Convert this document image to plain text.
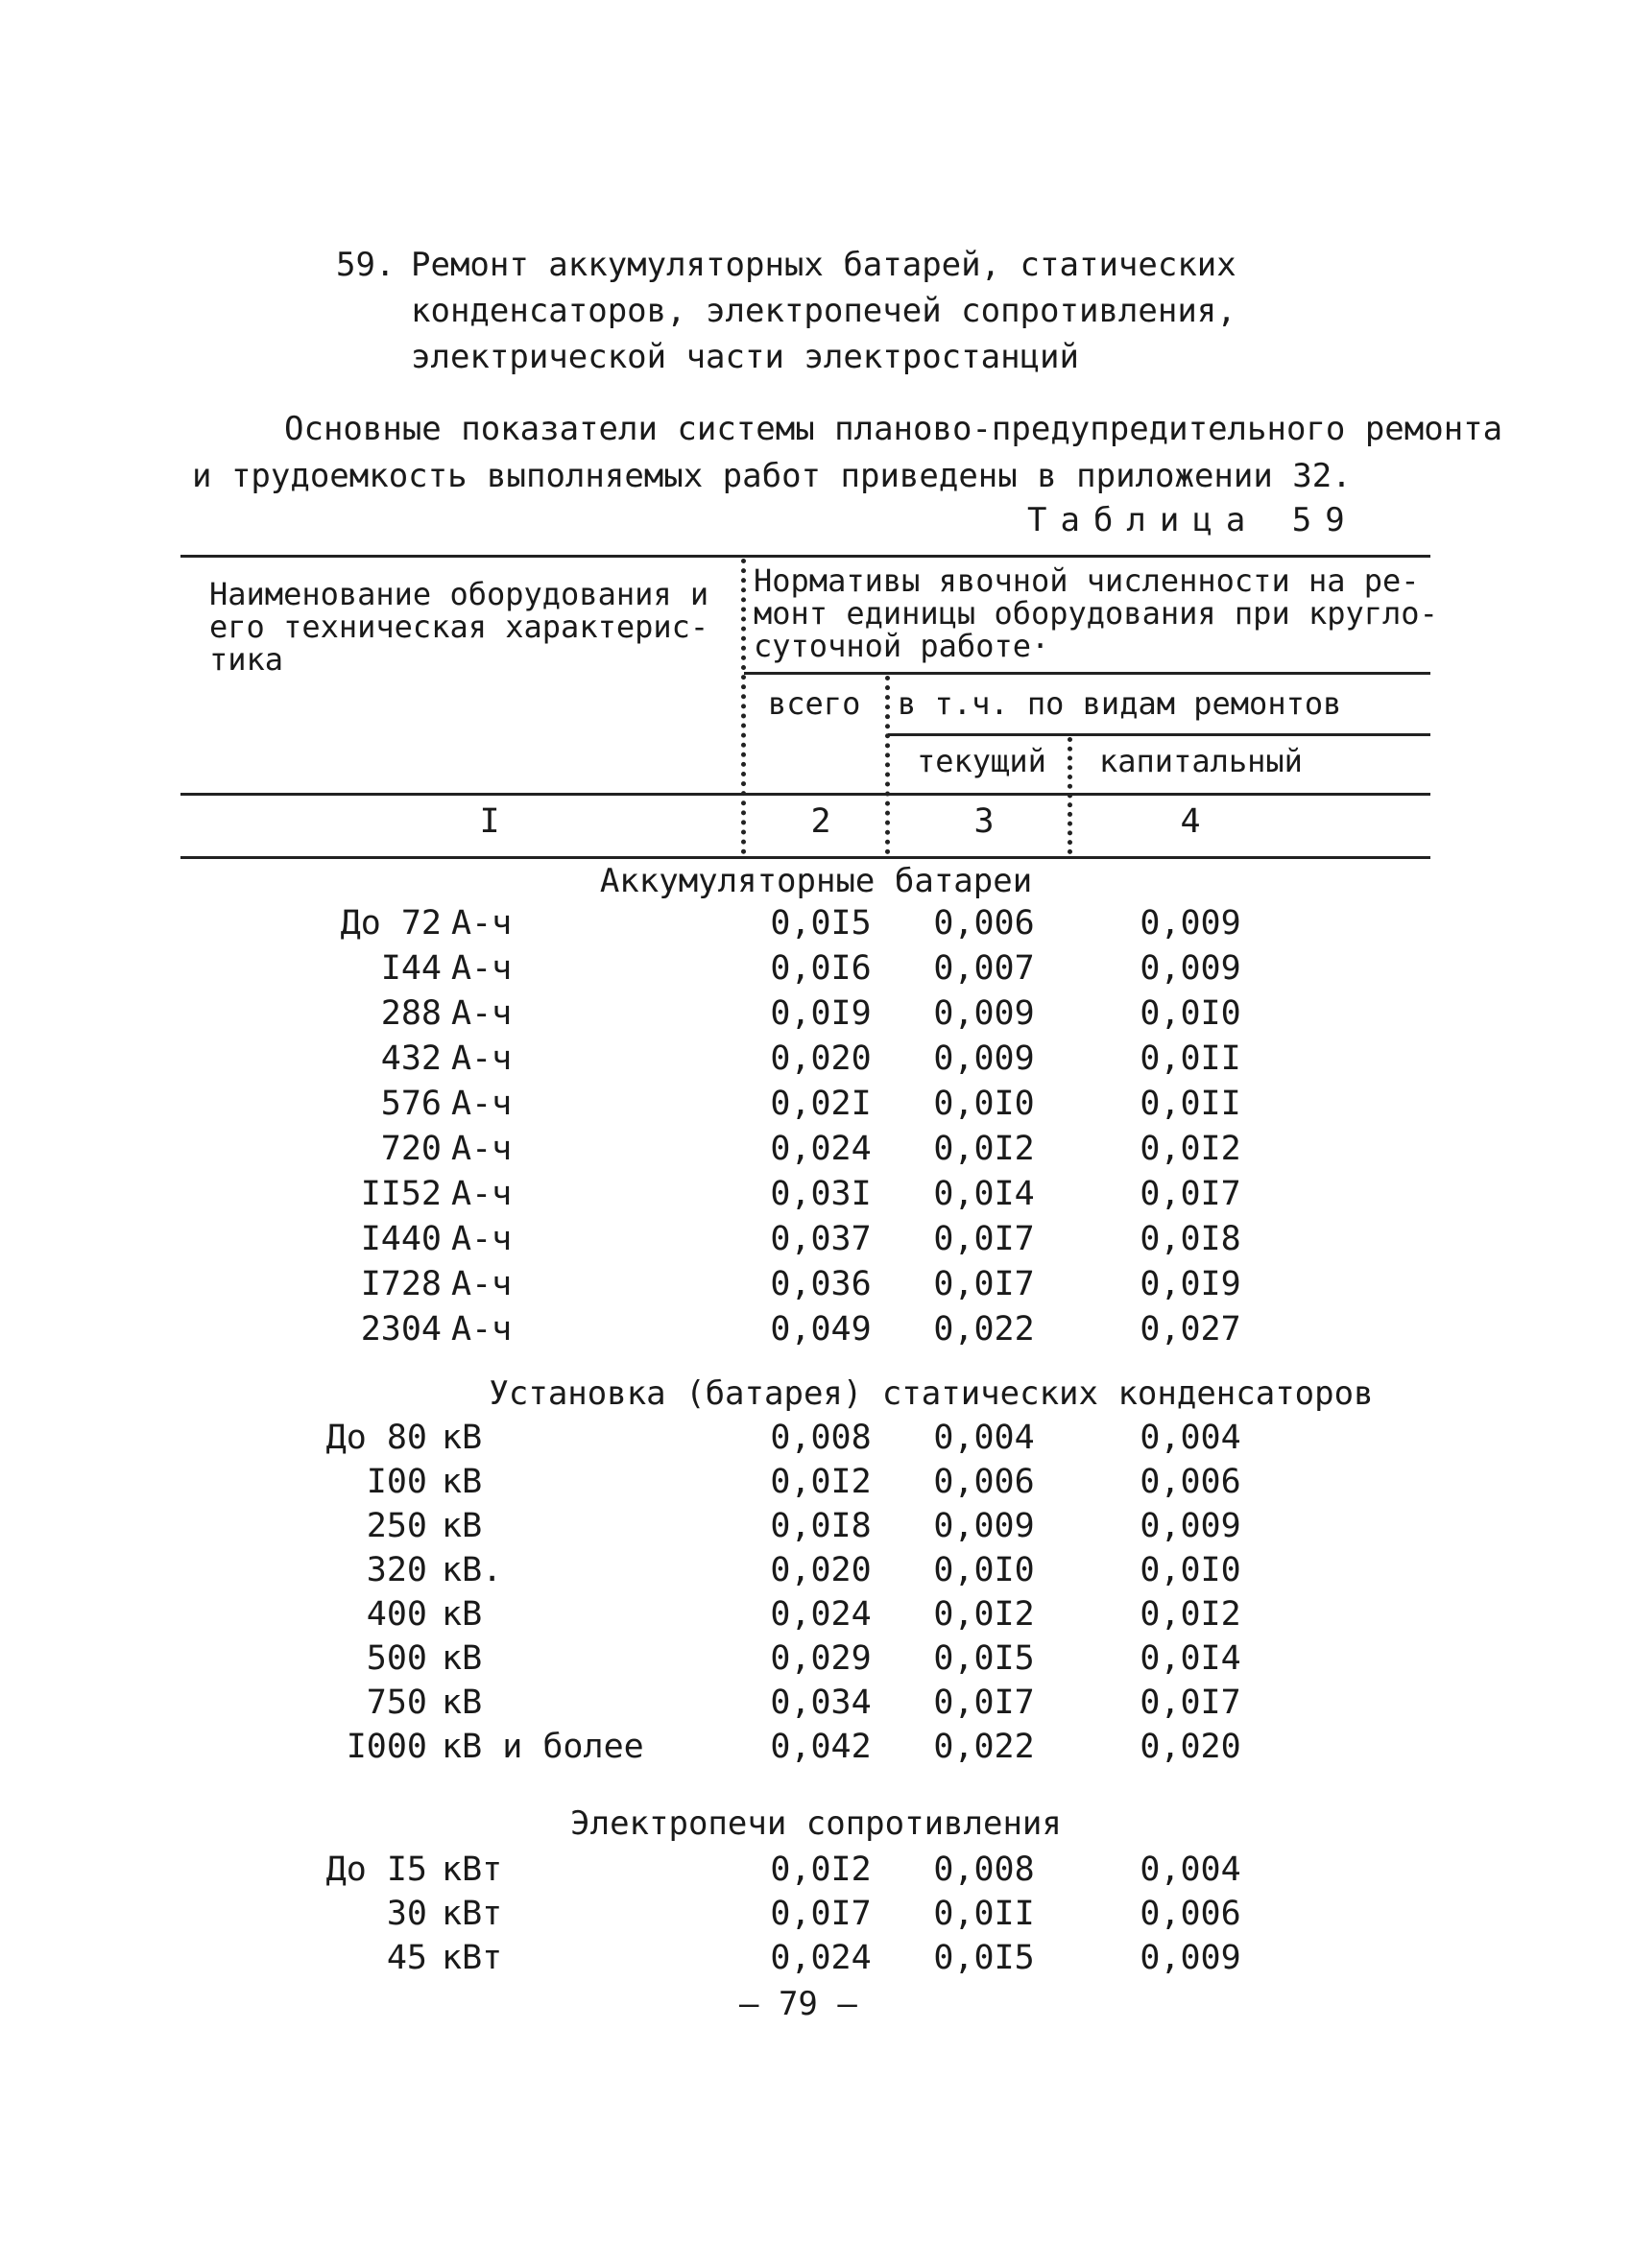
59. Ремонт аккумуляторных батарей, статических
конденсаторов, электропечей сопротивления,
электрической части электростанций
Основные показатели системы планово-предупредительного ремонта
и трудоемкость выполняемых работ приведены в приложении 32.
Таблица 59
Наименование оборудования и
его техническая характерис-
тика
Нормативы явочной численности на ре-
монт единицы оборудования при кругло-
суточной работе·
всего в т.ч. по видам ремонтов
текущий капитальный
I	2	3	4
Аккумуляторные батареи
До 72 А-ч	0,0I5	0,006	0,009
I44 А-ч	0,0I6	0,007	0,009
288 А-ч	0,0I9	0,009	0,0I0
432 А-ч	0,020	0,009	0,0II
576 А-ч	0,02I	0,0I0	0,0II
720 А-ч	0,024	0,0I2	0,0I2
II52 А-ч	0,03I	0,0I4	0,0I7
I440 А-ч	0,037	0,0I7	0,0I8
I728 А-ч	0,036	0,0I7	0,0I9
2304 А-ч	0,049	0,022	0,027
Установка (батарея) статических конденсаторов
До 80 кВ	0,008	0,004	0,004
I00 кВ	0,0I2	0,006	0,006
250 кВ	0,0I8	0,009	0,009
320 кВ.	0,020	0,0I0	0,0I0
400 кВ	0,024	0,0I2	0,0I2
500 кВ	0,029	0,0I5	0,0I4
750 кВ	0,034	0,0I7	0,0I7
I000 кВ и более	0,042	0,022	0,020
Электропечи сопротивления
До I5 кВт	0,0I2	0,008	0,004
30 кВт	0,0I7	0,0II	0,006
45 кВт	0,024	0,0I5	0,009
– 79 –
